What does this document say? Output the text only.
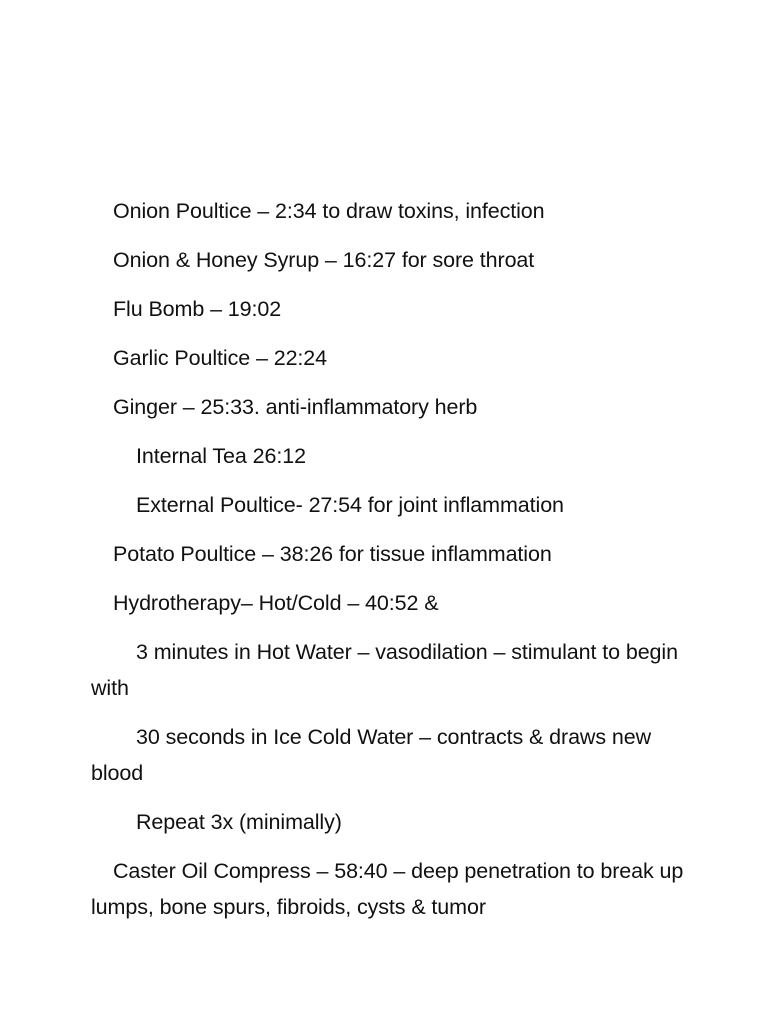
Onion Poultice – 2:34 to draw toxins, infection

Onion & Honey Syrup – 16:27 for sore throat

Flu Bomb – 19:02

Garlic Poultice – 22:24

Ginger – 25:33. anti-inflammatory herb

Internal Tea 26:12

External Poultice- 27:54 for joint inflammation

Potato Poultice – 38:26 for tissue inflammation

Hydrotherapy– Hot/Cold – 40:52 &

3 minutes in Hot Water – vasodilation – stimulant to begin with

30 seconds in Ice Cold Water – contracts & draws new blood

Repeat 3x (minimally)

Caster Oil Compress – 58:40 – deep penetration to break up lumps, bone spurs, fibroids, cysts & tumor
